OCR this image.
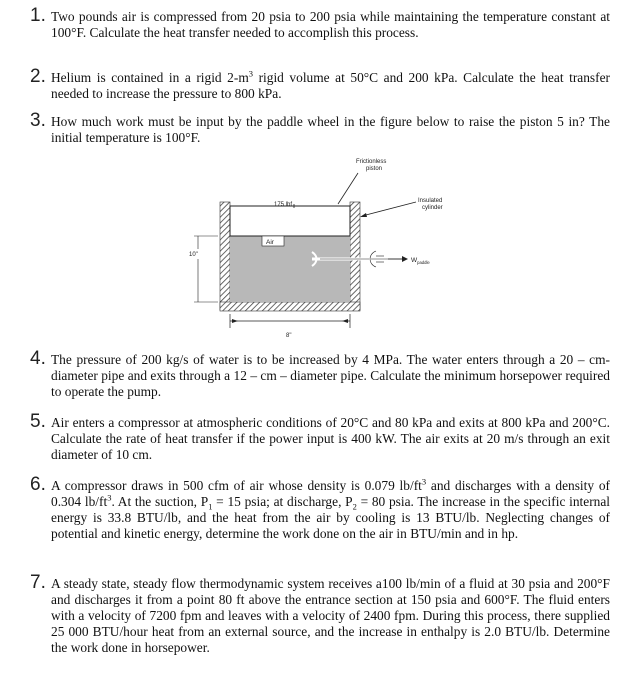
1. Two pounds air is compressed from 20 psia to 200 psia while maintaining the temperature constant at 100°F. Calculate the heat transfer needed to accomplish this process.
2. Helium is contained in a rigid $2-m^3$ rigid volume at 50°C and 200 kPa. Calculate the heat transfer needed to increase the pressure to 800 kPa.
3. How much work must be input by the paddle wheel in the figure below to raise the piston 5 in? The initial temperature is 100°F.
175 lbf
Air
$W_{paddle}$
Frictionless
piston
Insulated
cylinder
10"
8"
4. The pressure of 200 kg/s of water is to be increased by 4 MPa. The water enters through a 20 – cm- diameter pipe and exits through a 12 – cm – diameter pipe. Calculate the minimum horsepower required to operate the pump.
5. Air enters a compressor at atmospheric conditions of 20°C and 80 kPa and exits at 800 kPa and 200°C. Calculate the rate of heat transfer if the power input is 400 kW. The air exits at 20 m/s through an exit diameter of 10 cm.
6. A compressor draws in 500 cfm of air whose density is 0.079 $lb/ft^3$ and discharges with a density of 0.304 $lb/ft^3$. At the suction, $P_1 = 15$ psia; at discharge, $P_2 = 80$ psia. The increase in the specific internal energy is 33.8 BTU/lb, and the heat from the air by cooling is 13 BTU/lb. Neglecting changes of potential and kinetic energy, determine the work done on the air in BTU/min and in hp.
7. A steady state, steady flow thermodynamic system receives a100 lb/min of a fluid at 30 psia and 200°F and discharges it from a point 80 ft above the entrance section at 150 psia and 600°F. The fluid enters with a velocity of 7200 fpm and leaves with a velocity of 2400 fpm. During this process, there supplied 25 000 BTU/hour heat from an external source, and the increase in enthalpy is 2.0 BTU/lb. Determine the work done in horsepower.
